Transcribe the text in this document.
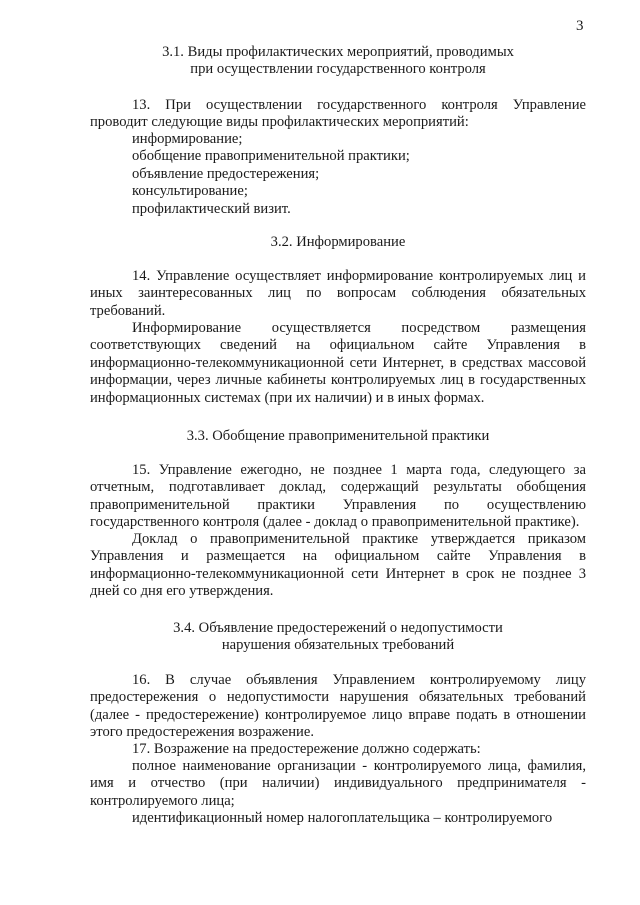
3
3.1. Виды профилактических мероприятий, проводимых
при осуществлении государственного контроля
13. При осуществлении государственного контроля Управление проводит следующие виды профилактических мероприятий:
информирование;
обобщение правоприменительной практики;
объявление предостережения;
консультирование;
профилактический визит.
3.2. Информирование
14. Управление осуществляет информирование контролируемых лиц и иных заинтересованных лиц по вопросам соблюдения обязательных требований.
Информирование осуществляется посредством размещения соответствующих сведений на официальном сайте Управления в информационно-телекоммуникационной сети Интернет, в средствах массовой информации, через личные кабинеты контролируемых лиц в государственных информационных системах (при их наличии) и в иных формах.
3.3. Обобщение правоприменительной практики
15. Управление ежегодно, не позднее 1 марта года, следующего за отчетным, подготавливает доклад, содержащий результаты обобщения правоприменительной практики Управления по осуществлению государственного контроля (далее - доклад о правоприменительной практике).
Доклад о правоприменительной практике утверждается приказом Управления и размещается на официальном сайте Управления в информационно-телекоммуникационной сети Интернет в срок не позднее 3 дней со дня его утверждения.
3.4. Объявление предостережений о недопустимости
нарушения обязательных требований
16. В случае объявления Управлением контролируемому лицу предостережения о недопустимости нарушения обязательных требований (далее - предостережение) контролируемое лицо вправе подать в отношении этого предостережения возражение.
17. Возражение на предостережение должно содержать:
полное наименование организации - контролируемого лица, фамилия, имя и отчество (при наличии) индивидуального предпринимателя - контролируемого лица;
идентификационный номер налогоплательщика – контролируемого
